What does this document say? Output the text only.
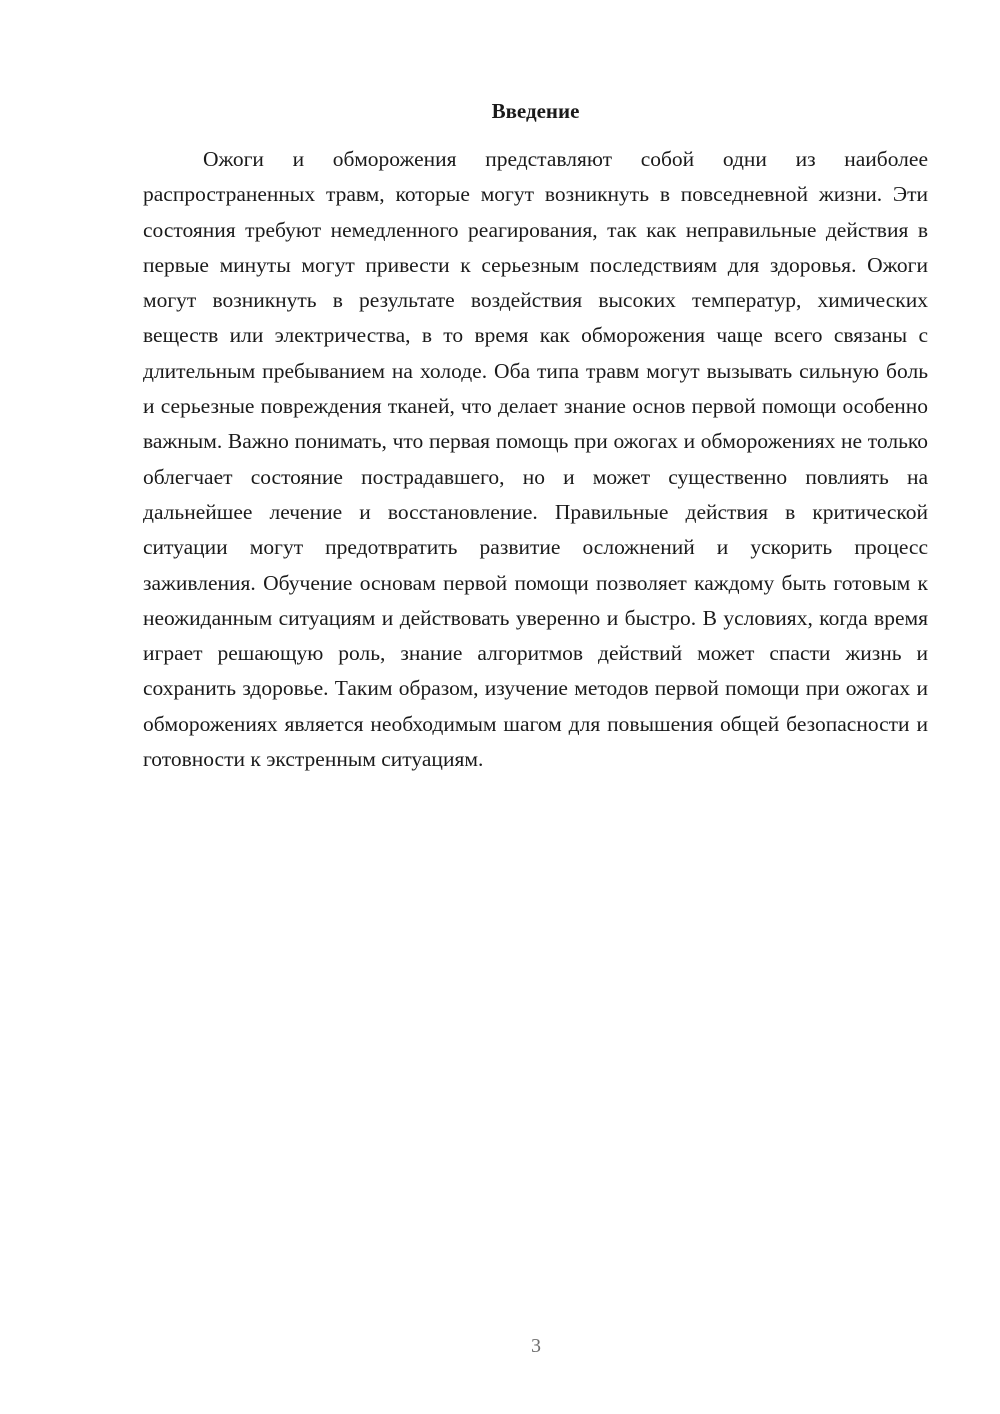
Введение

Ожоги и обморожения представляют собой одни из наиболее распространенных травм, которые могут возникнуть в повседневной жизни. Эти состояния требуют немедленного реагирования, так как неправильные действия в первые минуты могут привести к серьезным последствиям для здоровья. Ожоги могут возникнуть в результате воздействия высоких температур, химических веществ или электричества, в то время как обморожения чаще всего связаны с длительным пребыванием на холоде. Оба типа травм могут вызывать сильную боль и серьезные повреждения тканей, что делает знание основ первой помощи особенно важным. Важно понимать, что первая помощь при ожогах и обморожениях не только облегчает состояние пострадавшего, но и может существенно повлиять на дальнейшее лечение и восстановление. Правильные действия в критической ситуации могут предотвратить развитие осложнений и ускорить процесс заживления. Обучение основам первой помощи позволяет каждому быть готовым к неожиданным ситуациям и действовать уверенно и быстро. В условиях, когда время играет решающую роль, знание алгоритмов действий может спасти жизнь и сохранить здоровье. Таким образом, изучение методов первой помощи при ожогах и обморожениях является необходимым шагом для повышения общей безопасности и готовности к экстренным ситуациям.

3
